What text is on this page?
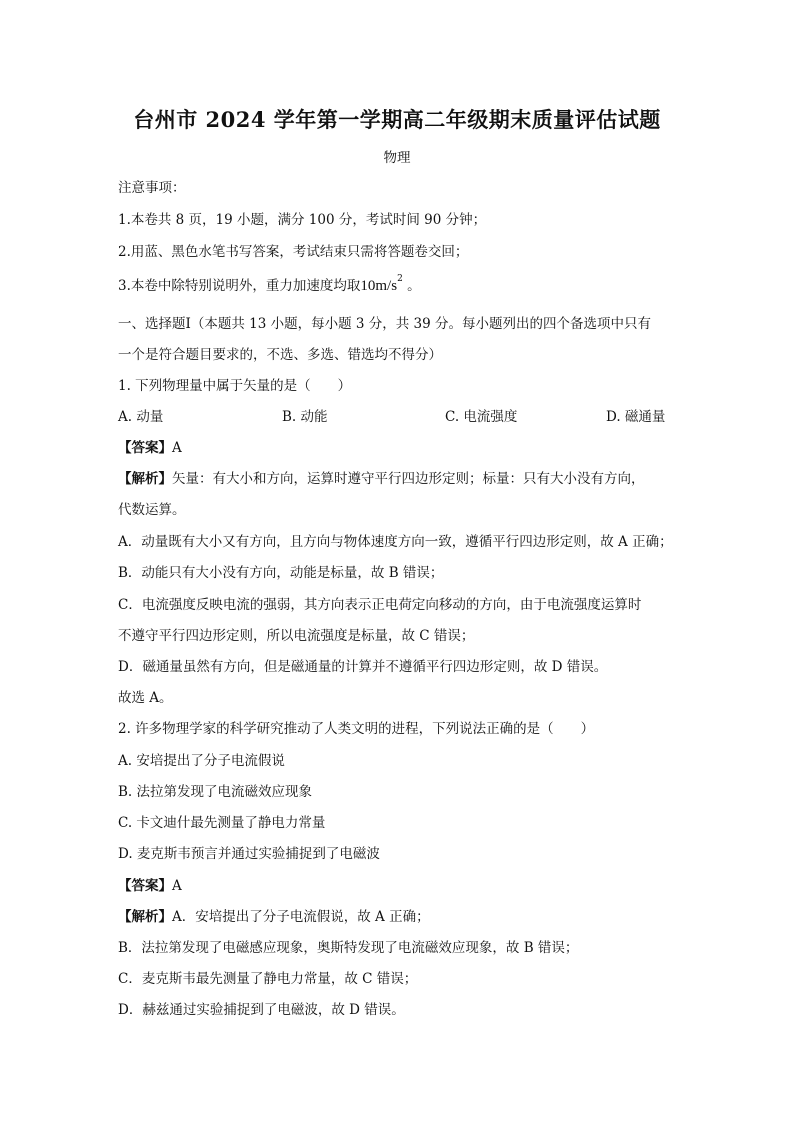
台州市 2024 学年第一学期高二年级期末质量评估试题
物理
注意事项：
1.本卷共 8 页，19 小题，满分 100 分，考试时间 90 分钟；
2.用蓝、黑色水笔书写答案，考试结束只需将答题卷交回；
3.本卷中除特别说明外，重力加速度均取$10m/s^2$ 。
一、选择题Ⅰ（本题共 13 小题，每小题 3 分，共 39 分。每小题列出的四个备选项中只有
一个是符合题目要求的，不选、多选、错选均不得分）
1. 下列物理量中属于矢量的是（　　）
A. 动量	B. 动能	C. 电流强度	D. 磁通量
【答案】A
【解析】矢量：有大小和方向，运算时遵守平行四边形定则；标量：只有大小没有方向，
代数运算。
A．动量既有大小又有方向，且方向与物体速度方向一致，遵循平行四边形定则，故 A 正确；
B．动能只有大小没有方向，动能是标量，故 B 错误；
C．电流强度反映电流的强弱，其方向表示正电荷定向移动的方向，由于电流强度运算时
不遵守平行四边形定则，所以电流强度是标量，故 C 错误；
D．磁通量虽然有方向，但是磁通量的计算并不遵循平行四边形定则，故 D 错误。
故选 A。
2. 许多物理学家的科学研究推动了人类文明的进程，下列说法正确的是（　　）
A. 安培提出了分子电流假说
B. 法拉第发现了电流磁效应现象
C. 卡文迪什最先测量了静电力常量
D. 麦克斯韦预言并通过实验捕捉到了电磁波
【答案】A
【解析】A．安培提出了分子电流假说，故 A 正确；
B．法拉第发现了电磁感应现象，奥斯特发现了电流磁效应现象，故 B 错误；
C．麦克斯韦最先测量了静电力常量，故 C 错误；
D．赫兹通过实验捕捉到了电磁波，故 D 错误。
